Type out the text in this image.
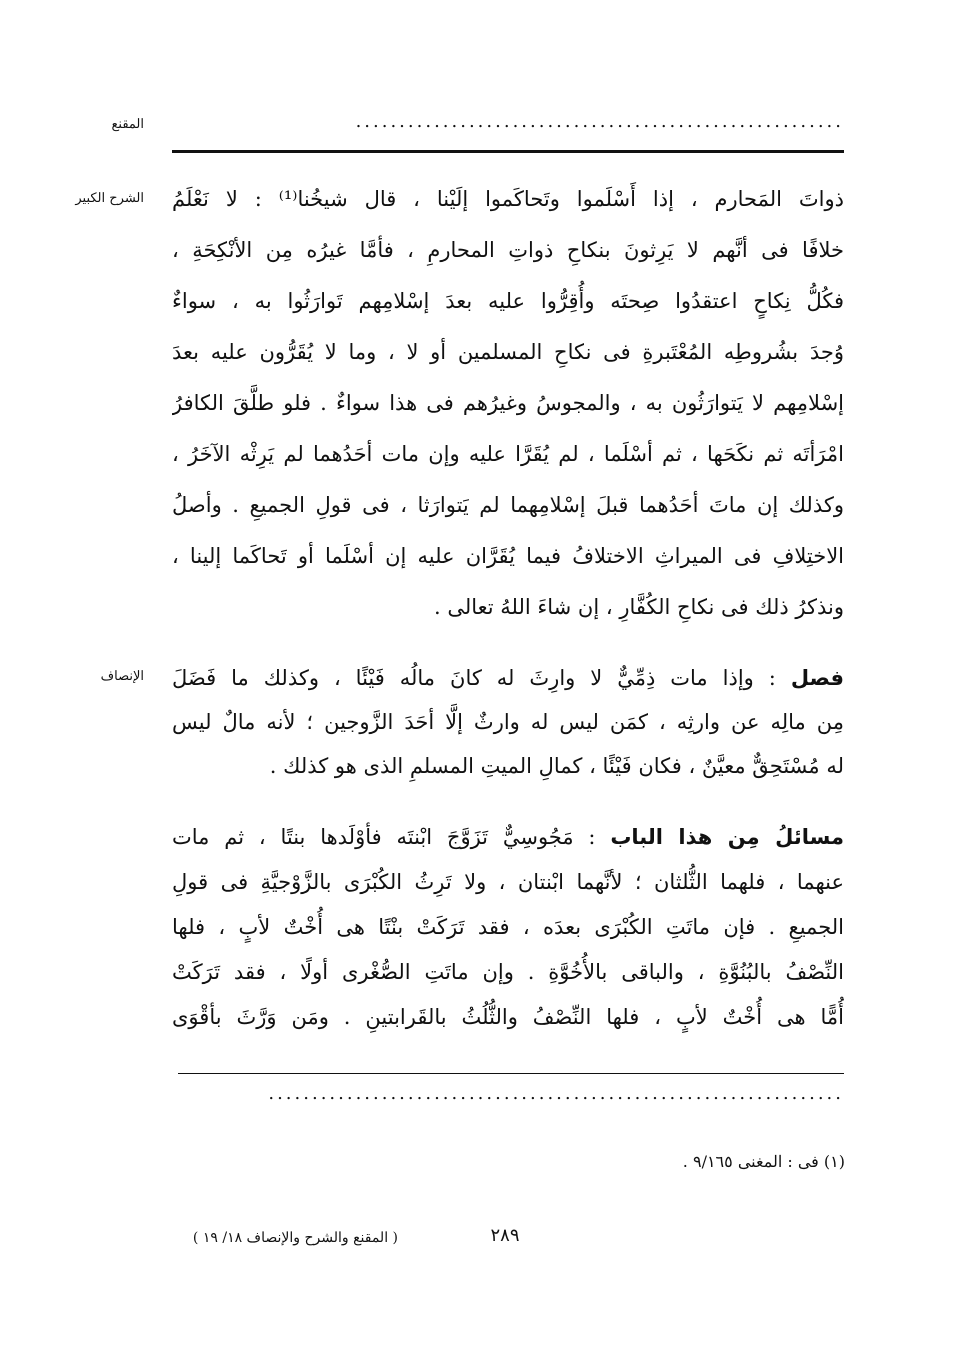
المقنع	........................................................
الشرح الكبير
الإنصاف
ذواتَ المَحارم ، إذا أَسْلَموا وتَحاكَموا إلَيْنا ، قال شيخُنا⁽¹⁾ : لا نَعْلَمُ
خلافًا فى أنَّهم لا يَرِثونَ بنكاحِ ذواتِ المحارمِ ، فأمَّا غيرُه مِن الأنْكِحَةِ ،
فكُلُّ نِكاحٍ اعتقدُوا صِحتَه وأُقِرُّوا عليه بعدَ إسْلامِهم تَوارَثُوا به ، سواءٌ
وُجدَ بشُروطِه المُعْتَبرةِ فى نكاحِ المسلمين أو لا ، وما لا يُقَرُّون عليه بعدَ
إسْلامِهم لا يَتوارَثُون به ، والمجوسُ وغيرُهم فى هذا سواءٌ . فلو طلَّقَ الكافرُ
امْرَأتَه ثم نكَحَها ، ثم أسْلَما ، لم يُقَرَّا عليه وإن مات أحَدُهما لم يَرِثْه الآخَرُ ،
وكذلك إن ماتَ أحَدُهما قبلَ إسْلامِهما لم يَتوارَثا ، فى قولِ الجميعِ . وأصلُ
الاختِلافِ فى الميراثِ الاختلافُ فيما يُقَرَّان عليه إن أسْلَما أو تَحاكَما إلينا ،
ونذكرُ ذلك فى نكاحِ الكُفَّارِ ، إن شاءَ اللهُ تعالى .
فصل : وإذا مات ذِمِّيٌّ لا وارِثَ له كانَ مالُه فَيْئًا ، وكذلك ما فَضَلَ
مِن مالِه عن وارثِه ، كمَن ليس له وارثٌ إلَّا أحَدَ الزَّوجين ؛ لأنه مالٌ ليس
له مُسْتَحِقٌّ معيَّنٌ ، فكان فَيْئًا ، كمالِ الميتِ المسلمِ الذى هو كذلك .
مسائلُ مِن هذا الباب : مَجُوسِيٌّ تَزَوَّجَ ابْنتَه فأوْلَدها بنتًا ، ثم مات
عنهما ، فلهما الثُّلثان ؛ لأنَّهما ابْنتان ، ولا تَرِثُ الكُبْرَى بالزَّوْجيَّةِ فى قولِ
الجميعِ . فإن ماتَتِ الكُبْرَى بعدَه ، فقد تَرَكَتْ بنْتًا هى أُخْتٌ لأبٍ ، فلها
النِّصْفُ بالبُنُوَّةِ ، والباقى بالأُخُوَّةِ . وإن ماتَتِ الصُّغْرى أولًا ، فقد تَرَكَتْ
أُمًّا هى أُخْتٌ لأبٍ ، فلها النِّصْفُ والثُّلُثُ بالقَرابتينِ . ومَن وَرَّثَ بأقْوَى
..................................................................
(١) فى : المغنى ٩/١٦٥ .
٢٨٩
( المقنع والشرح والإنصاف ١٨/ ١٩ )
